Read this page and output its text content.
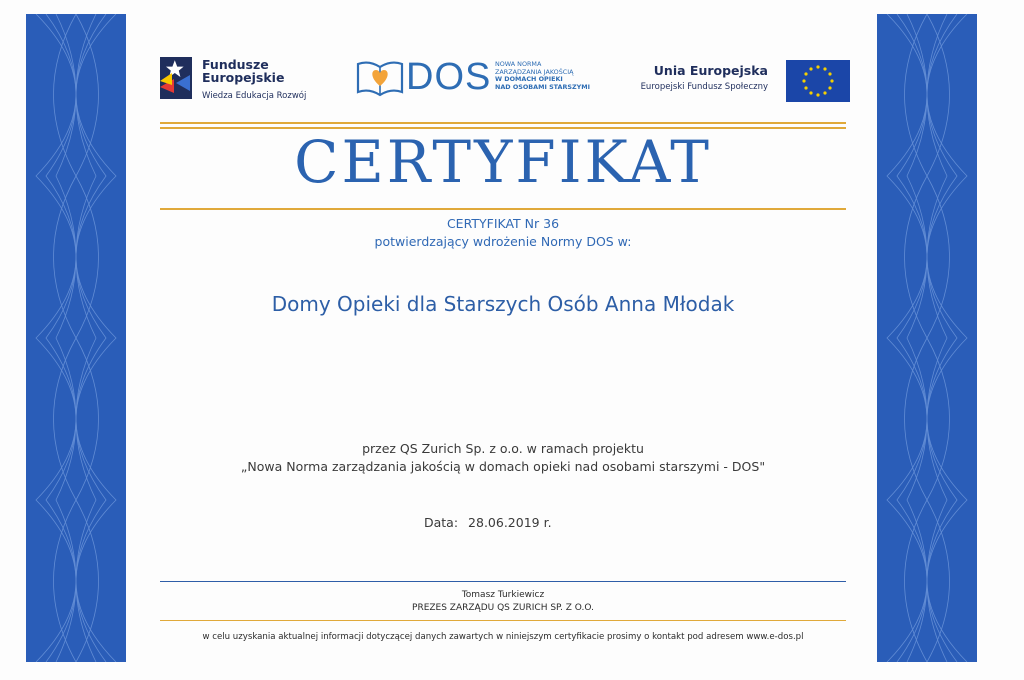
Fundusze
Europejskie
Wiedza Edukacja Rozwój	DOS NOWA NORMA
ZARZĄDZANIA JAKOŚCIĄ
W DOMACH OPIEKI
NAD OSOBAMI STARSZYMI
Unia Europejska
Europejski Fundusz Społeczny
CERTYFIKAT
CERTYFIKAT Nr 36
potwierdzający wdrożenie Normy DOS w:
Domy Opieki dla Starszych Osób Anna Młodak
przez QS Zurich Sp. z o.o. w ramach projektu
„Nowa Norma zarządzania jakością w domach opieki nad osobami starszymi - DOS"
Data: 28.06.2019 r.
Tomasz Turkiewicz
PREZES ZARZĄDU QS ZURICH SP. Z O.O.
w celu uzyskania aktualnej informacji dotyczącej danych zawartych w niniejszym certyfikacie prosimy o kontakt pod adresem www.e-dos.pl
